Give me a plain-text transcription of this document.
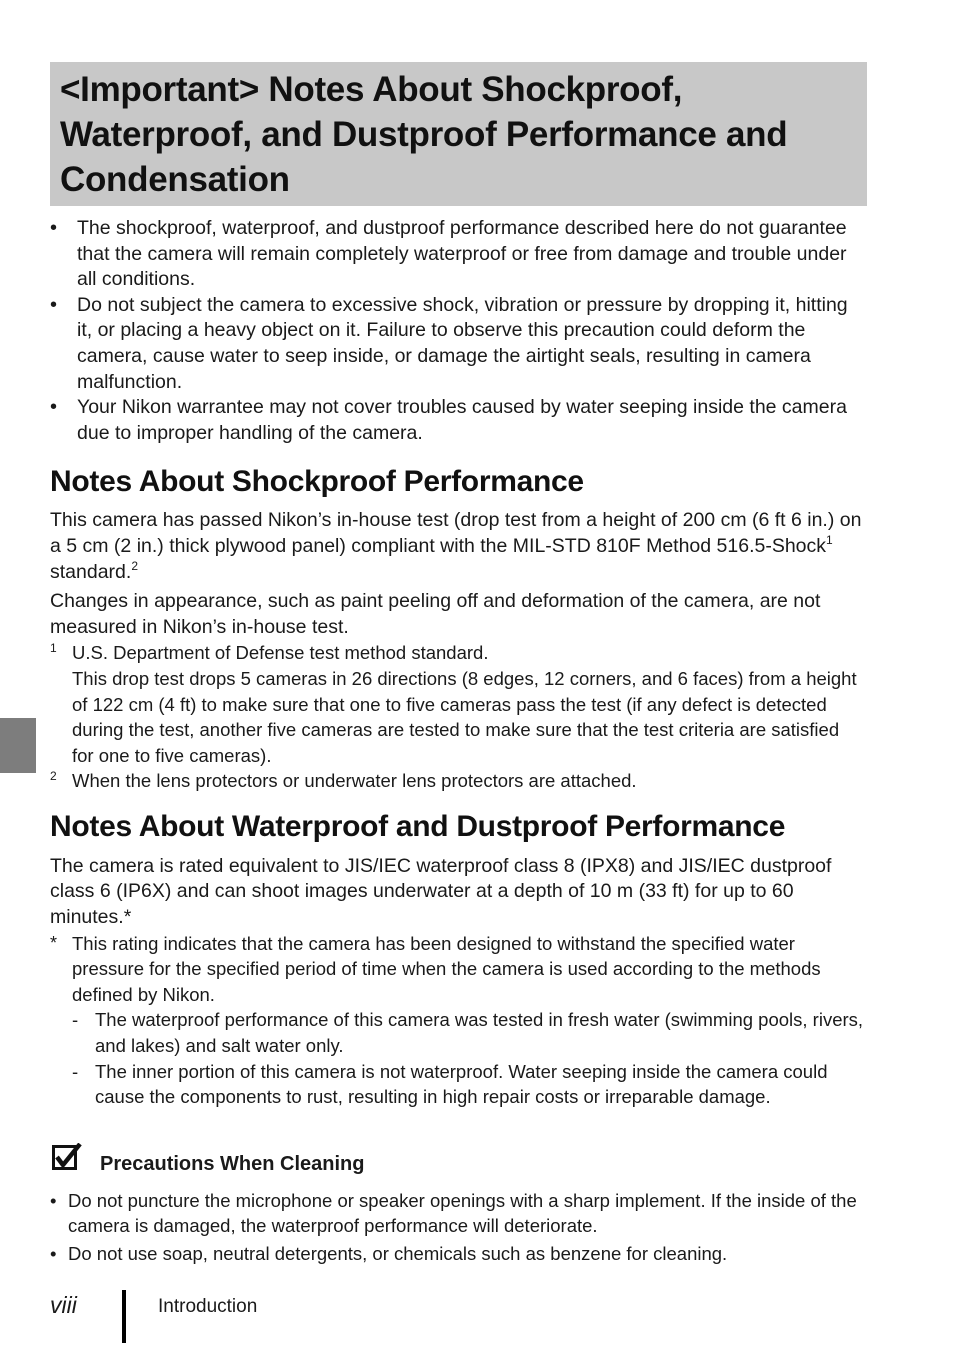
<Important> Notes About Shockproof, Waterproof, and Dustproof Performance and Condensation
• The shockproof, waterproof, and dustproof performance described here do not guarantee that the camera will remain completely waterproof or free from damage and trouble under all conditions.
• Do not subject the camera to excessive shock, vibration or pressure by dropping it, hitting it, or placing a heavy object on it. Failure to observe this precaution could deform the camera, cause water to seep inside, or damage the airtight seals, resulting in camera malfunction.
• Your Nikon warrantee may not cover troubles caused by water seeping inside the camera due to improper handling of the camera.
Notes About Shockproof Performance

This camera has passed Nikon’s in-house test (drop test from a height of 200 cm (6 ft 6 in.) on a 5 cm (2 in.) thick plywood panel) compliant with the MIL-STD 810F Method 516.5-Shock$^1$ standard.$^2$

Changes in appearance, such as paint peeling off and deformation of the camera, are not measured in Nikon’s in-house test.

1 U.S. Department of Defense test method standard.
This drop test drops 5 cameras in 26 directions (8 edges, 12 corners, and 6 faces) from a height of 122 cm (4 ft) to make sure that one to five cameras pass the test (if any defect is detected during the test, another five cameras are tested to make sure that the test criteria are satisfied for one to five cameras).
2 When the lens protectors or underwater lens protectors are attached.
Notes About Waterproof and Dustproof Performance

The camera is rated equivalent to JIS/IEC waterproof class 8 (IPX8) and JIS/IEC dustproof class 6 (IP6X) and can shoot images underwater at a depth of 10 m (33 ft) for up to 60 minutes.*

* This rating indicates that the camera has been designed to withstand the specified water pressure for the specified period of time when the camera is used according to the methods defined by Nikon.
- The waterproof performance of this camera was tested in fresh water (swimming pools, rivers, and lakes) and salt water only.
- The inner portion of this camera is not waterproof. Water seeping inside the camera could cause the components to rust, resulting in high repair costs or irreparable damage.
Precautions When Cleaning
• Do not puncture the microphone or speaker openings with a sharp implement. If the inside of the camera is damaged, the waterproof performance will deteriorate.
• Do not use soap, neutral detergents, or chemicals such as benzene for cleaning.
viii	Introduction
